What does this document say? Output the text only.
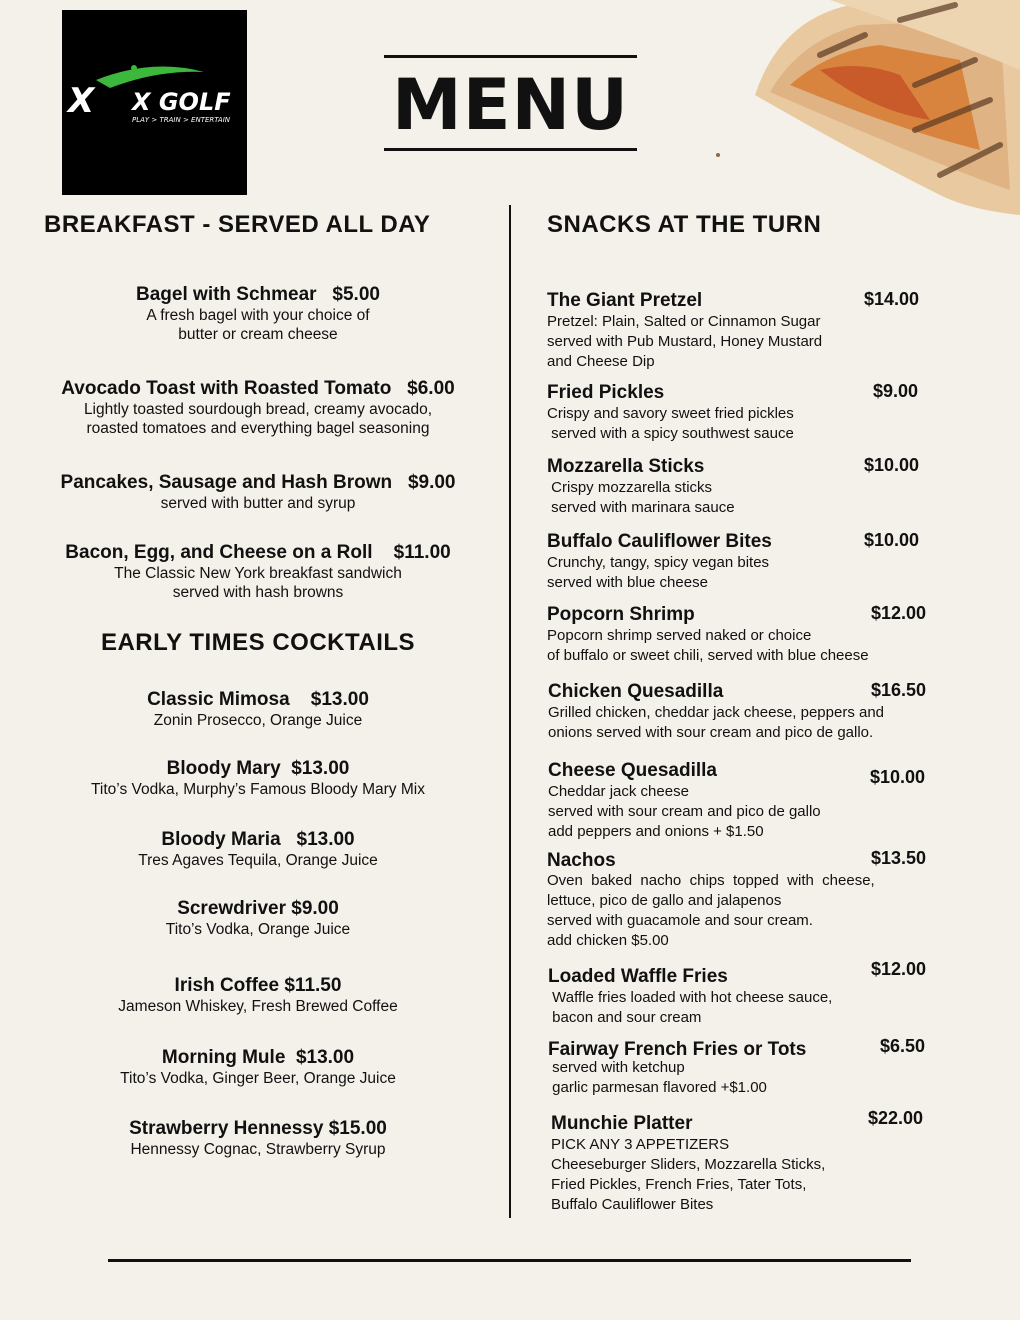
X X GOLF
PLAY > TRAIN > ENTERTAIN MENU
BREAKFAST - SERVED ALL DAY
Bagel with Schmear $5.00
A fresh bagel with your choice of
butter or cream cheese
Avocado Toast with Roasted Tomato $6.00
Lightly toasted sourdough bread, creamy avocado,
roasted tomatoes and everything bagel seasoning
Pancakes, Sausage and Hash Brown $9.00
served with butter and syrup
Bacon, Egg, and Cheese on a Roll $11.00
The Classic New York breakfast sandwich
served with hash browns
EARLY TIMES COCKTAILS
Classic Mimosa $13.00
Zonin Prosecco, Orange Juice
Bloody Mary $13.00
Tito’s Vodka, Murphy’s Famous Bloody Mary Mix
Bloody Maria $13.00
Tres Agaves Tequila, Orange Juice
Screwdriver $9.00
Tito’s Vodka, Orange Juice
Irish Coffee $11.50
Jameson Whiskey, Fresh Brewed Coffee
Morning Mule $13.00
Tito’s Vodka, Ginger Beer, Orange Juice
Strawberry Hennessy $15.00
Hennessy Cognac, Strawberry Syrup
SNACKS AT THE TURN
The Giant Pretzel	$14.00
Pretzel: Plain, Salted or Cinnamon Sugar
served with Pub Mustard, Honey Mustard
and Cheese Dip
Fried Pickles	$9.00
Crispy and savory sweet fried pickles
served with a spicy southwest sauce
Mozzarella Sticks	$10.00
Crispy mozzarella sticks
served with marinara sauce
Buffalo Cauliflower Bites	$10.00
Crunchy, tangy, spicy vegan bites
served with blue cheese
Popcorn Shrimp	$12.00
Popcorn shrimp served naked or choice
of buffalo or sweet chili, served with blue cheese
Chicken Quesadilla	$16.50
Grilled chicken, cheddar jack cheese, peppers and
onions served with sour cream and pico de gallo.
Cheese Quesadilla	$10.00
Cheddar jack cheese
served with sour cream and pico de gallo
add peppers and onions + $1.50
Nachos	$13.50
Oven  baked  nacho  chips  topped  with  cheese,
lettuce, pico de gallo and jalapenos
served with guacamole and sour cream.
add chicken $5.00
Loaded Waffle Fries	$12.00
Waffle fries loaded with hot cheese sauce,
bacon and sour cream
Fairway French Fries or Tots	$6.50
served with ketchup
garlic parmesan flavored +$1.00
Munchie Platter	$22.00
PICK ANY 3 APPETIZERS
Cheeseburger Sliders, Mozzarella Sticks,
Fried Pickles, French Fries, Tater Tots,
Buffalo Cauliflower Bites
